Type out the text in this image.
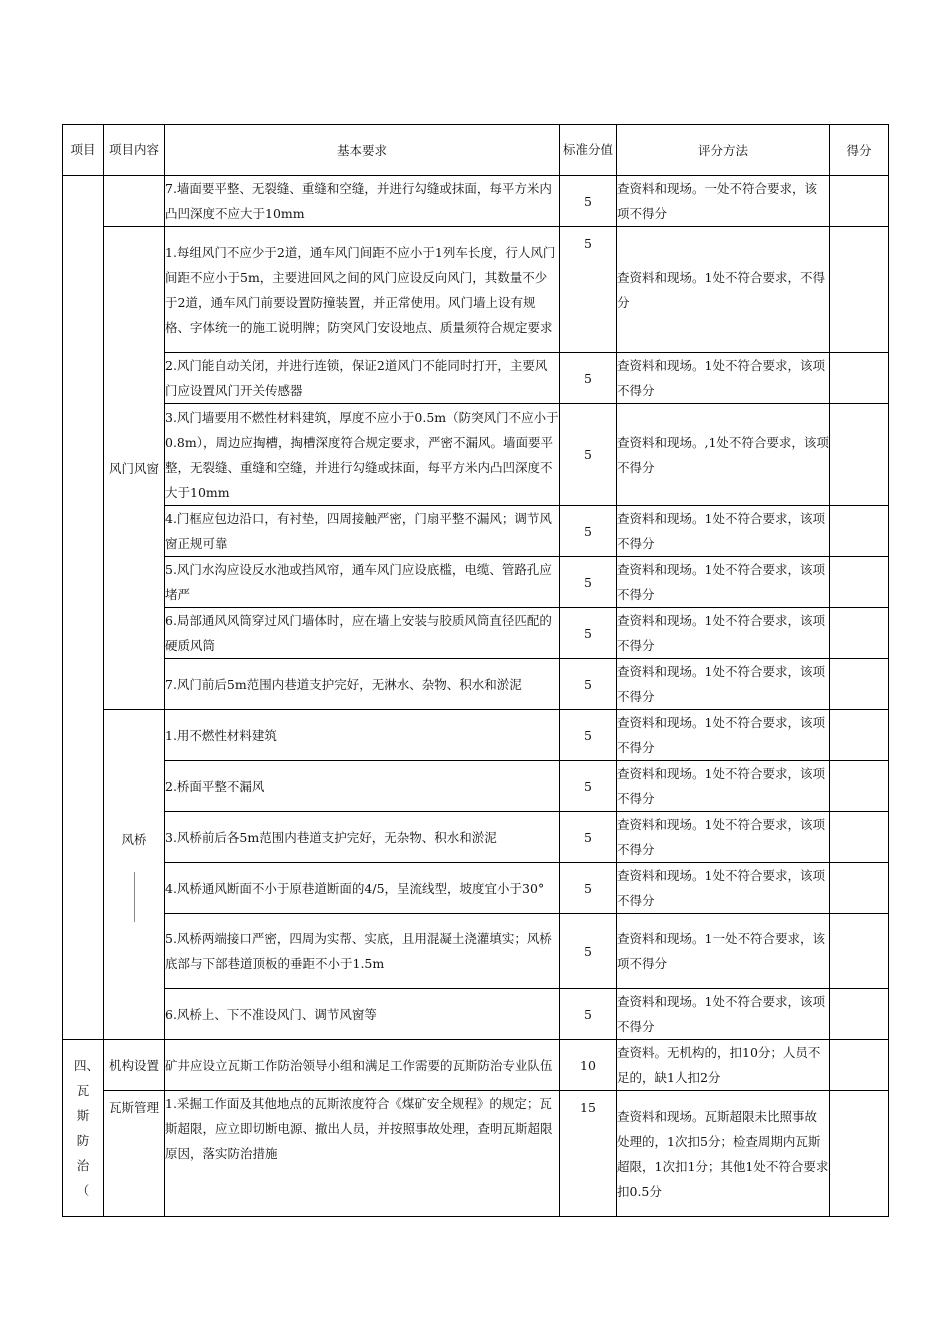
项目	项目内容	基本要求	标准分值	评分方法	得分
		7.墙面要平整、无裂缝、重缝和空缝，并进行勾缝或抹面，每平方米内凸凹深度不应大于10mm	5	查资料和现场。一处不符合要求，该项不得分	
	风门风窗	1.每组风门不应少于2道，通车风门间距不应小于1列车长度，行人风门间距不应小于5m，主要进回风之间的风门应设反向风门，其数量不少于2道，通车风门前要设置防撞装置，并正常使用。风门墙上设有规格、字体统一的施工说明牌；防突风门安设地点、质量须符合规定要求	5	查资料和现场。1处不符合要求，不得分	
		2.风门能自动关闭，并进行连锁，保证2道风门不能同时打开，主要风门应设置风门开关传感器	5	查资料和现场。1处不符合要求，该项不得分	
		3.风门墙要用不燃性材料建筑，厚度不应小于0.5m（防突风门不应小于0.8m），周边应掏槽，掏槽深度符合规定要求，严密不漏风。墙面要平整，无裂缝、重缝和空缝，并进行勾缝或抹面，每平方米内凸凹深度不大于10mm	5	查资料和现场。,1处不符合要求，该项不得分	
		4.门框应包边沿口，有衬垫，四周接触严密，门扇平整不漏风；调节风窗正规可靠	5	查资料和现场。1处不符合要求，该项不得分	
		5.风门水沟应设反水池或挡风帘，通车风门应设底槛，电缆、管路孔应堵严	5	查资料和现场。1处不符合要求，该项不得分	
		6.局部通风风筒穿过风门墙体时，应在墙上安装与胶质风筒直径匹配的硬质风筒	5	查资料和现场。1处不符合要求，该项不得分	
		7.风门前后5m范围内巷道支护完好，无淋水、杂物、积水和淤泥	5	查资料和现场。1处不符合要求，该项不得分	
	风桥	1.用不燃性材料建筑	5	查资料和现场。1处不符合要求，该项不得分	
		2.桥面平整不漏风	5	查资料和现场。1处不符合要求，该项不得分	
		3.风桥前后各5m范围内巷道支护完好，无杂物、积水和淤泥	5	查资料和现场。1处不符合要求，该项不得分	
		4.风桥通风断面不小于原巷道断面的4/5，呈流线型，坡度宜小于30°	5	查资料和现场。1处不符合要求，该项不得分	
		5.风桥两端接口严密，四周为实帮、实底，且用混凝土浇灌填实；风桥底部与下部巷道顶板的垂距不小于1.5m	5	查资料和现场。1一处不符合要求，该项不得分	
		6.风桥上、下不准设风门、调节风窗等	5	查资料和现场。1处不符合要求，该项不得分	

四、瓦斯防治（	机构设置	矿井应设立瓦斯工作防治领导小组和满足工作需要的瓦斯防治专业队伍	10	查资料。无机构的，扣10分；人员不足的，缺1人扣2分	
	瓦斯管理	1.采掘工作面及其他地点的瓦斯浓度符合《煤矿安全规程》的规定；瓦斯超限，应立即切断电源、撤出人员，并按照事故处理，查明瓦斯超限原因，落实防治措施	15	查资料和现场。瓦斯超限未比照事故处理的，1次扣5分；检查周期内瓦斯超限，1次扣1分；其他1处不符合要求扣0.5分	
